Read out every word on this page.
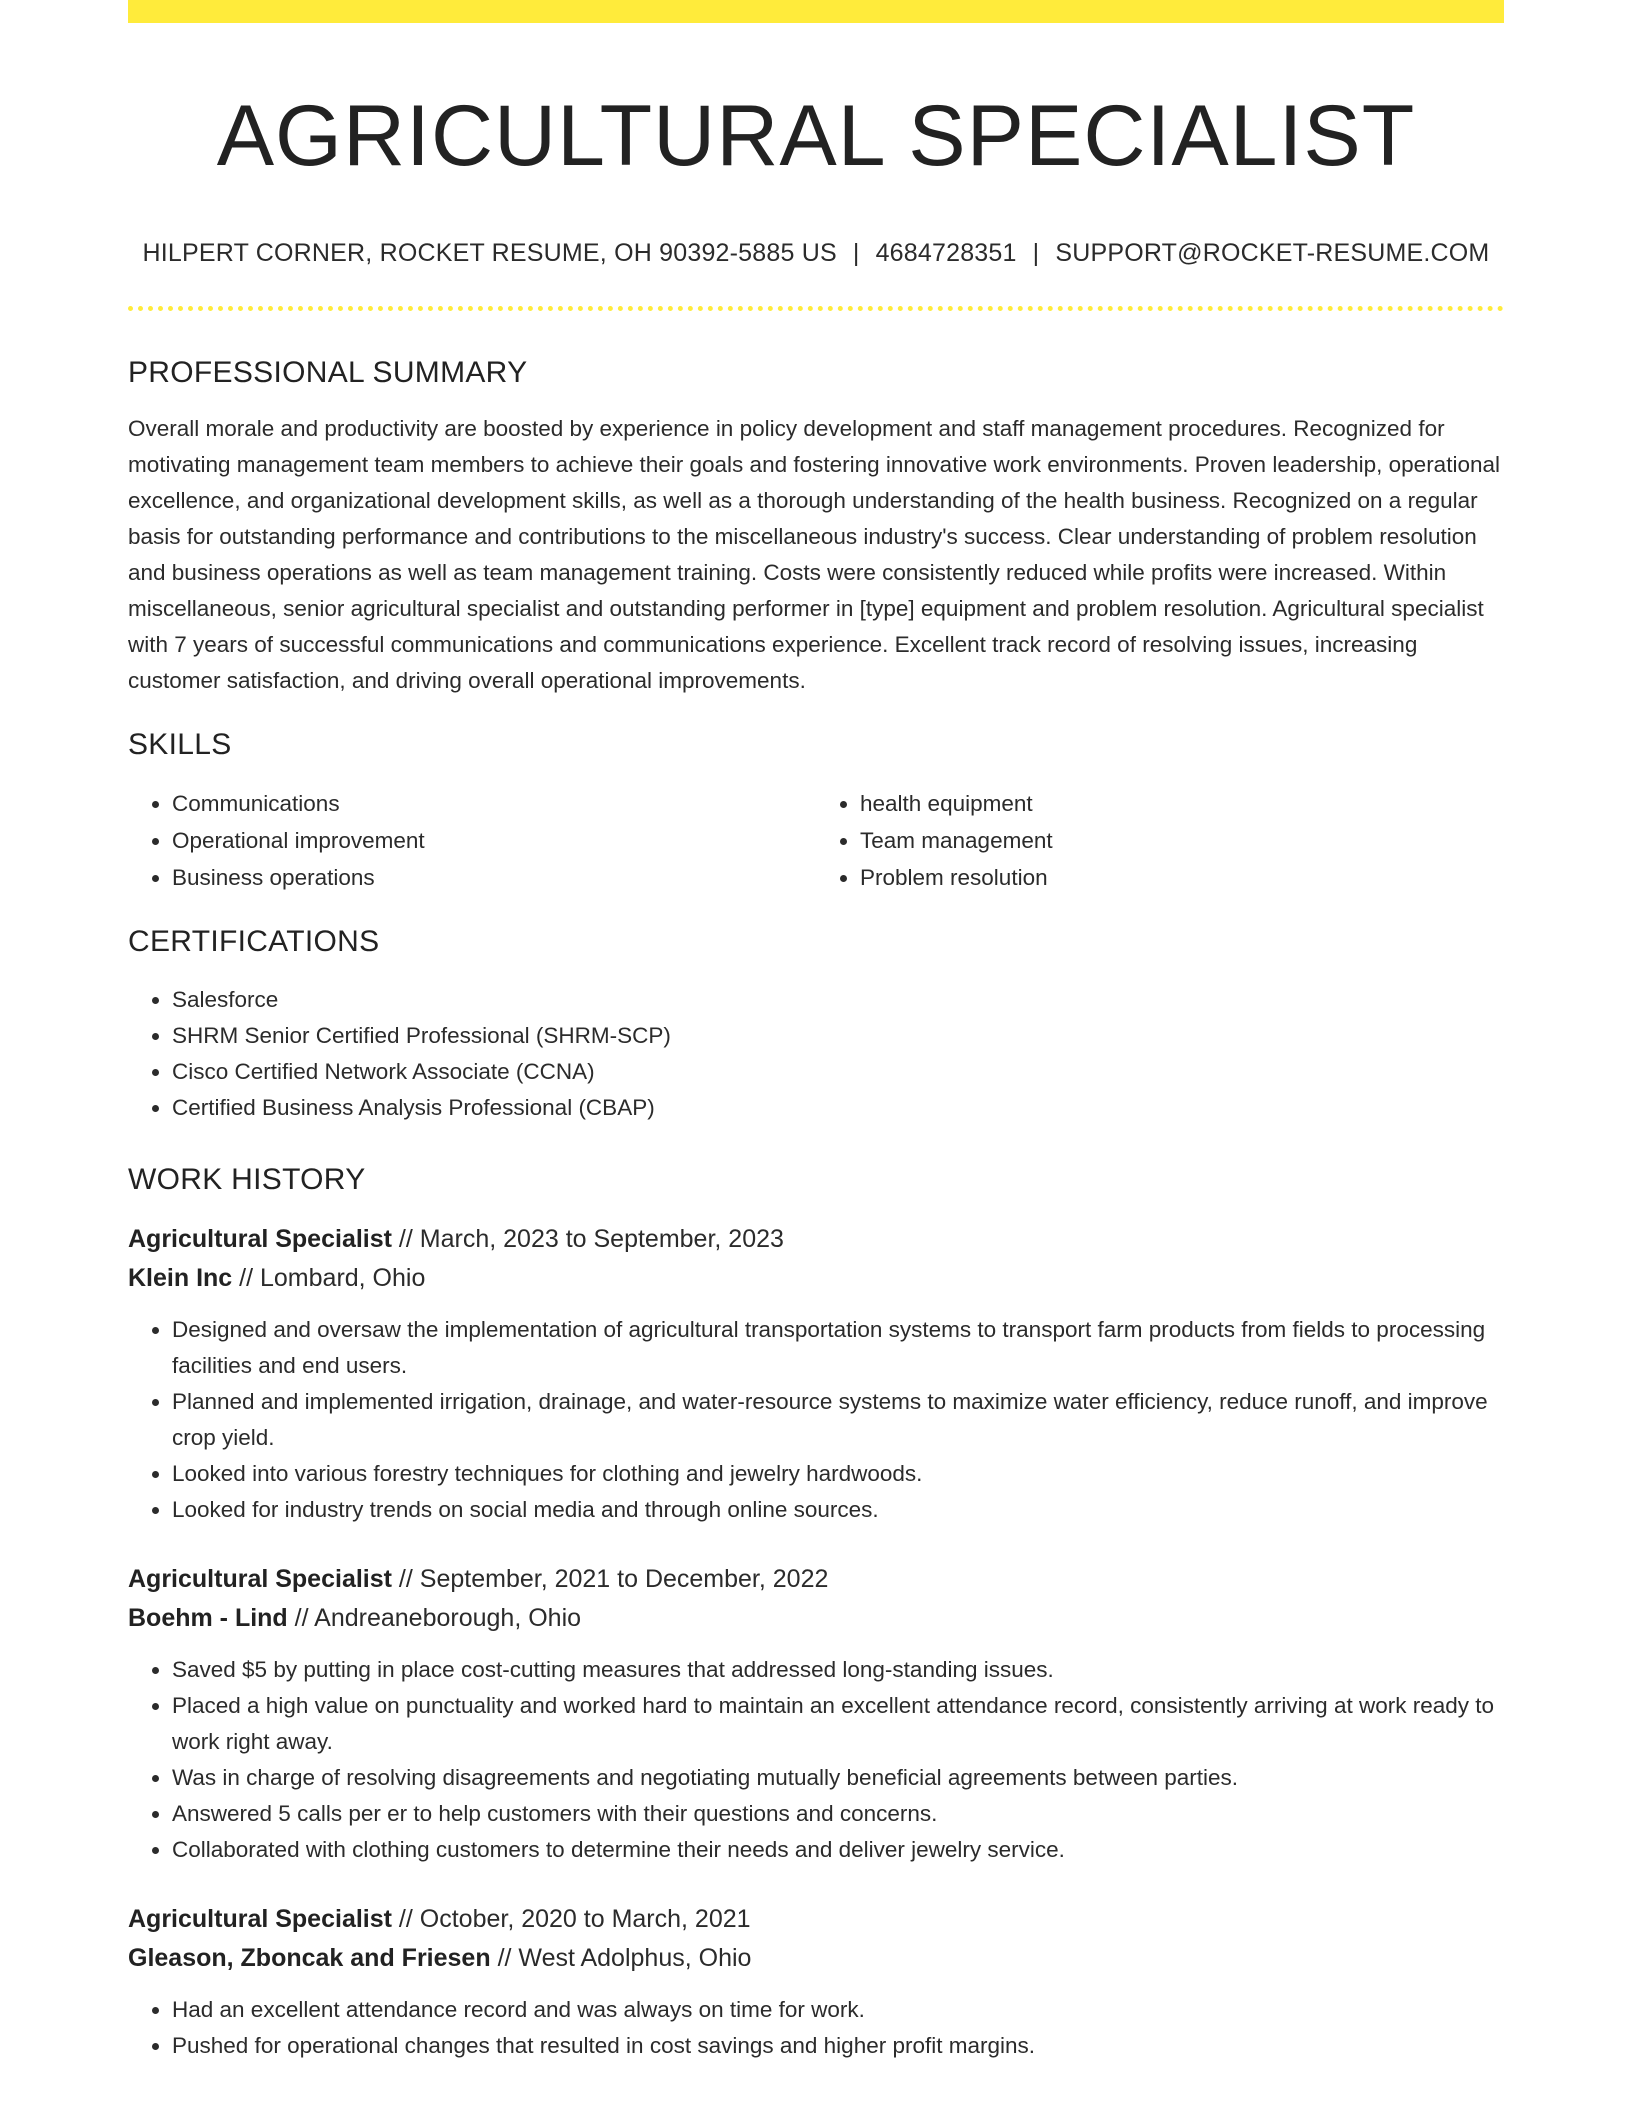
AGRICULTURAL SPECIALIST
HILPERT CORNER, ROCKET RESUME, OH 90392-5885 US | 4684728351 | SUPPORT@ROCKET-RESUME.COM
PROFESSIONAL SUMMARY
Overall morale and productivity are boosted by experience in policy development and staff management procedures. Recognized for motivating management team members to achieve their goals and fostering innovative work environments. Proven leadership, operational excellence, and organizational development skills, as well as a thorough understanding of the health business. Recognized on a regular basis for outstanding performance and contributions to the miscellaneous industry's success. Clear understanding of problem resolution and business operations as well as team management training. Costs were consistently reduced while profits were increased. Within miscellaneous, senior agricultural specialist and outstanding performer in [type] equipment and problem resolution. Agricultural specialist with 7 years of successful communications and communications experience. Excellent track record of resolving issues, increasing customer satisfaction, and driving overall operational improvements.
SKILLS
• Communications
• Operational improvement
• Business operations
• health equipment
• Team management
• Problem resolution
CERTIFICATIONS
• Salesforce
• SHRM Senior Certified Professional (SHRM-SCP)
• Cisco Certified Network Associate (CCNA)
• Certified Business Analysis Professional (CBAP)
WORK HISTORY
Agricultural Specialist // March, 2023 to September, 2023
Klein Inc // Lombard, Ohio
• Designed and oversaw the implementation of agricultural transportation systems to transport farm products from fields to processing facilities and end users.
• Planned and implemented irrigation, drainage, and water-resource systems to maximize water efficiency, reduce runoff, and improve crop yield.
• Looked into various forestry techniques for clothing and jewelry hardwoods.
• Looked for industry trends on social media and through online sources.
Agricultural Specialist // September, 2021 to December, 2022
Boehm - Lind // Andreaneborough, Ohio
• Saved $5 by putting in place cost-cutting measures that addressed long-standing issues.
• Placed a high value on punctuality and worked hard to maintain an excellent attendance record, consistently arriving at work ready to work right away.
• Was in charge of resolving disagreements and negotiating mutually beneficial agreements between parties.
• Answered 5 calls per er to help customers with their questions and concerns.
• Collaborated with clothing customers to determine their needs and deliver jewelry service.
Agricultural Specialist // October, 2020 to March, 2021
Gleason, Zboncak and Friesen // West Adolphus, Ohio
• Had an excellent attendance record and was always on time for work.
• Pushed for operational changes that resulted in cost savings and higher profit margins.
